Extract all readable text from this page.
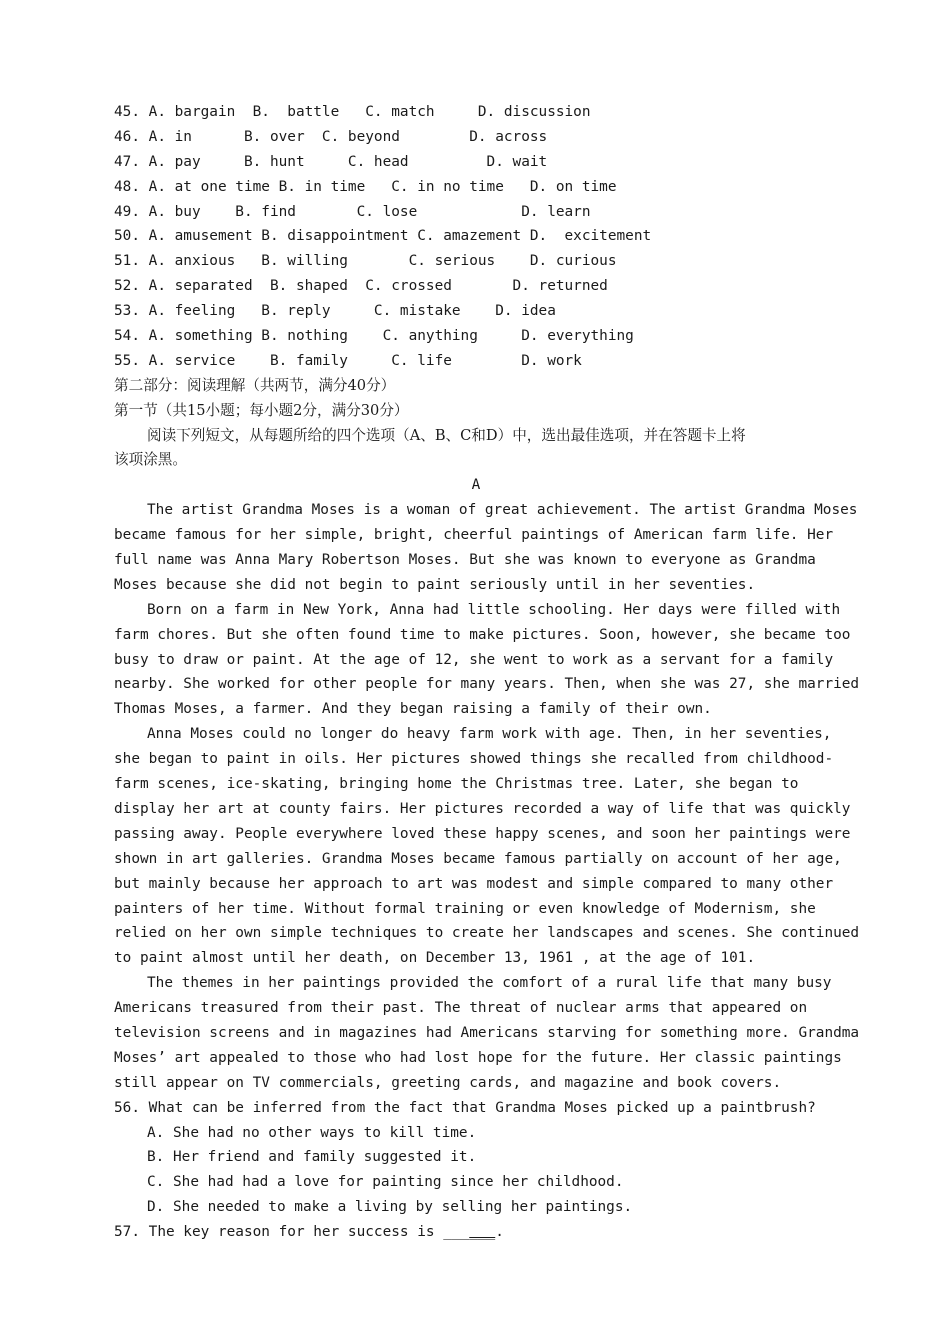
45. A. bargain  B.  battle   C. match     D. discussion
46. A. in      B. over  C. beyond        D. across
47. A. pay     B. hunt     C. head         D. wait
48. A. at one time B. in time   C. in no time   D. on time
49. A. buy    B. find       C. lose            D. learn
50. A. amusement B. disappointment C. amazement D.  excitement
51. A. anxious   B. willing       C. serious    D. curious
52. A. separated  B. shaped  C. crossed       D. returned
53. A. feeling   B. reply     C. mistake    D. idea
54. A. something B. nothing    C. anything     D. everything
55. A. service    B. family     C. life        D. work
第二部分：阅读理解（共两节，满分40分）
第一节（共15小题；每小题2分，满分30分）
阅读下列短文，从每题所给的四个选项（A、B、C和D）中，选出最佳选项，并在答题卡上将
该项涂黑。
A
The artist Grandma Moses is a woman of great achievement. The artist Grandma Moses
became famous for her simple, bright, cheerful paintings of American farm life. Her
full name was Anna Mary Robertson Moses. But she was known to everyone as Grandma
Moses because she did not begin to paint seriously until in her seventies.
Born on a farm in New York, Anna had little schooling. Her days were filled with
farm chores. But she often found time to make pictures. Soon, however, she became too
busy to draw or paint. At the age of 12, she went to work as a servant for a family
nearby. She worked for other people for many years. Then, when she was 27, she married
Thomas Moses, a farmer. And they began raising a family of their own.
Anna Moses could no longer do heavy farm work with age. Then, in her seventies,
she began to paint in oils. Her pictures showed things she recalled from childhood-
farm scenes, ice-skating, bringing home the Christmas tree. Later, she began to
display her art at county fairs. Her pictures recorded a way of life that was quickly
passing away. People everywhere loved these happy scenes, and soon her paintings were
shown in art galleries. Grandma Moses became famous partially on account of her age,
but mainly because her approach to art was modest and simple compared to many other
painters of her time. Without formal training or even knowledge of Modernism, she
relied on her own simple techniques to create her landscapes and scenes. She continued
to paint almost until her death, on December 13, 1961 , at the age of 101.
The themes in her paintings provided the comfort of a rural life that many busy
Americans treasured from their past. The threat of nuclear arms that appeared on
television screens and in magazines had Americans starving for something more. Grandma
Moses’ art appealed to those who had lost hope for the future. Her classic paintings
still appear on TV commercials, greeting cards, and magazine and book covers.
56. What can be inferred from the fact that Grandma Moses picked up a paintbrush?
A. She had no other ways to kill time.
B. Her friend and family suggested it.
C. She had had a love for painting since her childhood.
D. She needed to make a living by selling her paintings.
57. The key reason for her success is ______.
